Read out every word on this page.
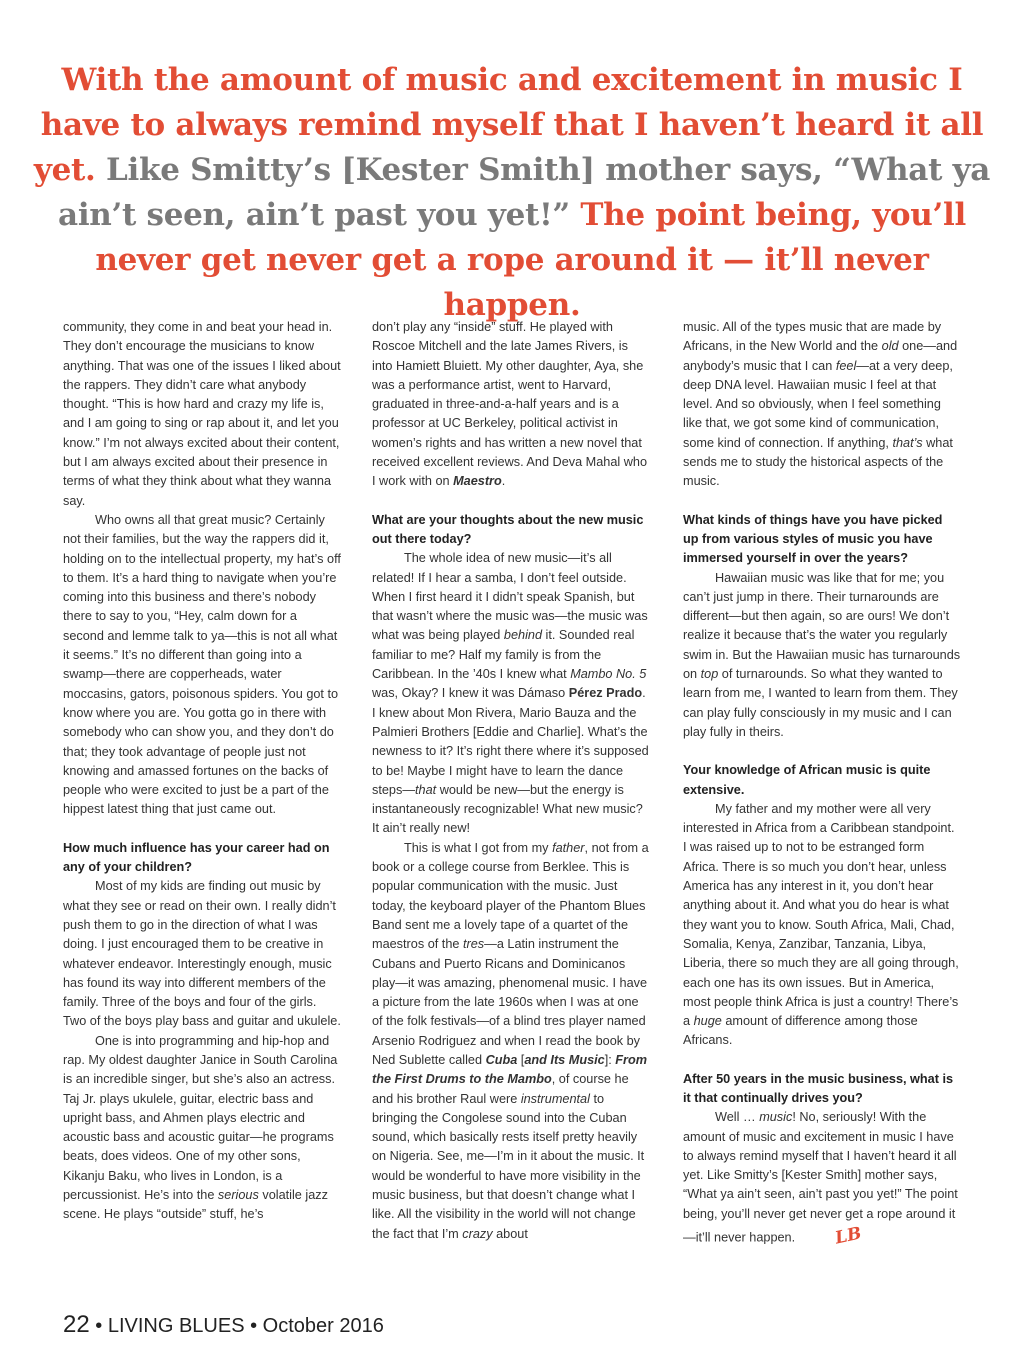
With the amount of music and excitement in music I have to always remind myself that I haven’t heard it all yet. Like Smitty’s [Kester Smith] mother says, “What ya ain’t seen, ain’t past you yet!” The point being, you’ll never get never get a rope around it — it’ll never happen.

community, they come in and beat your head in. They don’t encourage the musicians to know anything. That was one of the issues I liked about the rappers. They didn’t care what anybody thought. “This is how hard and crazy my life is, and I am going to sing or rap about it, and let you know.” I’m not always excited about their content, but I am always excited about their presence in terms of what they think about what they wanna say.

Who owns all that great music? Certainly not their families, but the way the rappers did it, holding on to the intellectual property, my hat’s off to them. It’s a hard thing to navigate when you’re coming into this business and there’s nobody there to say to you, “Hey, calm down for a second and lemme talk to ya—this is not all what it seems.” It’s no different than going into a swamp—there are copperheads, water moccasins, gators, poisonous spiders. You got to know where you are. You gotta go in there with somebody who can show you, and they don’t do that; they took advantage of people just not knowing and amassed fortunes on the backs of people who were excited to just be a part of the hippest latest thing that just came out.

How much influence has your career had on any of your children?

Most of my kids are finding out music by what they see or read on their own. I really didn’t push them to go in the direction of what I was doing. I just encouraged them to be creative in whatever endeavor. Interestingly enough, music has found its way into different members of the family. Three of the boys and four of the girls. Two of the boys play bass and guitar and ukulele.

One is into programming and hip-hop and rap. My oldest daughter Janice in South Carolina is an incredible singer, but she’s also an actress. Taj Jr. plays ukulele, guitar, electric bass and upright bass, and Ahmen plays electric and acoustic bass and acoustic guitar—he programs beats, does videos. One of my other sons, Kikanju Baku, who lives in London, is a percussionist. He’s into the serious volatile jazz scene. He plays “outside” stuff, he’s

don’t play any “inside” stuff. He played with Roscoe Mitchell and the late James Rivers, is into Hamiett Bluiett. My other daughter, Aya, she was a performance artist, went to Harvard, graduated in three-and-a-half years and is a professor at UC Berkeley, political activist in women’s rights and has written a new novel that received excellent reviews. And Deva Mahal who I work with on Maestro.

What are your thoughts about the new music out there today?

The whole idea of new music—it’s all related! If I hear a samba, I don’t feel outside. When I first heard it I didn’t speak Spanish, but that wasn’t where the music was—the music was what was being played behind it. Sounded real familiar to me? Half my family is from the Caribbean. In the ’40s I knew what Mambo No. 5 was, Okay? I knew it was Dámaso Pérez Prado. I knew about Mon Rivera, Mario Bauza and the Palmieri Brothers [Eddie and Charlie]. What’s the newness to it? It’s right there where it’s supposed to be! Maybe I might have to learn the dance steps—that would be new—but the energy is instantaneously recognizable! What new music? It ain’t really new!

This is what I got from my father, not from a book or a college course from Berklee. This is popular communication with the music. Just today, the keyboard player of the Phantom Blues Band sent me a lovely tape of a quartet of the maestros of the tres—a Latin instrument the Cubans and Puerto Ricans and Dominicanos play—it was amazing, phenomenal music. I have a picture from the late 1960s when I was at one of the folk festivals—of a blind tres player named Arsenio Rodriguez and when I read the book by Ned Sublette called Cuba [and Its Music]: From the First Drums to the Mambo, of course he and his brother Raul were instrumental to bringing the Congolese sound into the Cuban sound, which basically rests itself pretty heavily on Nigeria. See, me—I’m in it about the music. It would be wonderful to have more visibility in the music business, but that doesn’t change what I like. All the visibility in the world will not change the fact that I’m crazy about

music. All of the types music that are made by Africans, in the New World and the old one—and anybody’s music that I can feel—at a very deep, deep DNA level. Hawaiian music I feel at that level. And so obviously, when I feel something like that, we got some kind of communication, some kind of connection. If anything, that’s what sends me to study the historical aspects of the music.

What kinds of things have you have picked up from various styles of music you have immersed yourself in over the years?

Hawaiian music was like that for me; you can’t just jump in there. Their turnarounds are different—but then again, so are ours! We don’t realize it because that’s the water you regularly swim in. But the Hawaiian music has turnarounds on top of turnarounds. So what they wanted to learn from me, I wanted to learn from them. They can play fully consciously in my music and I can play fully in theirs.

Your knowledge of African music is quite extensive.

My father and my mother were all very interested in Africa from a Caribbean standpoint. I was raised up to not to be estranged form Africa. There is so much you don’t hear, unless America has any interest in it, you don’t hear anything about it. And what you do hear is what they want you to know. South Africa, Mali, Chad, Somalia, Kenya, Zanzibar, Tanzania, Libya, Liberia, there so much they are all going through, each one has its own issues. But in America, most people think Africa is just a country! There’s a huge amount of difference among those Africans.

After 50 years in the music business, what is it that continually drives you?

Well … music! No, seriously! With the amount of music and excitement in music I have to always remind myself that I haven’t heard it all yet. Like Smitty’s [Kester Smith] mother says, “What ya ain’t seen, ain’t past you yet!” The point being, you’ll never get never get a rope around it—it’ll never happen. LB

22 • LIVING BLUES • October 2016
